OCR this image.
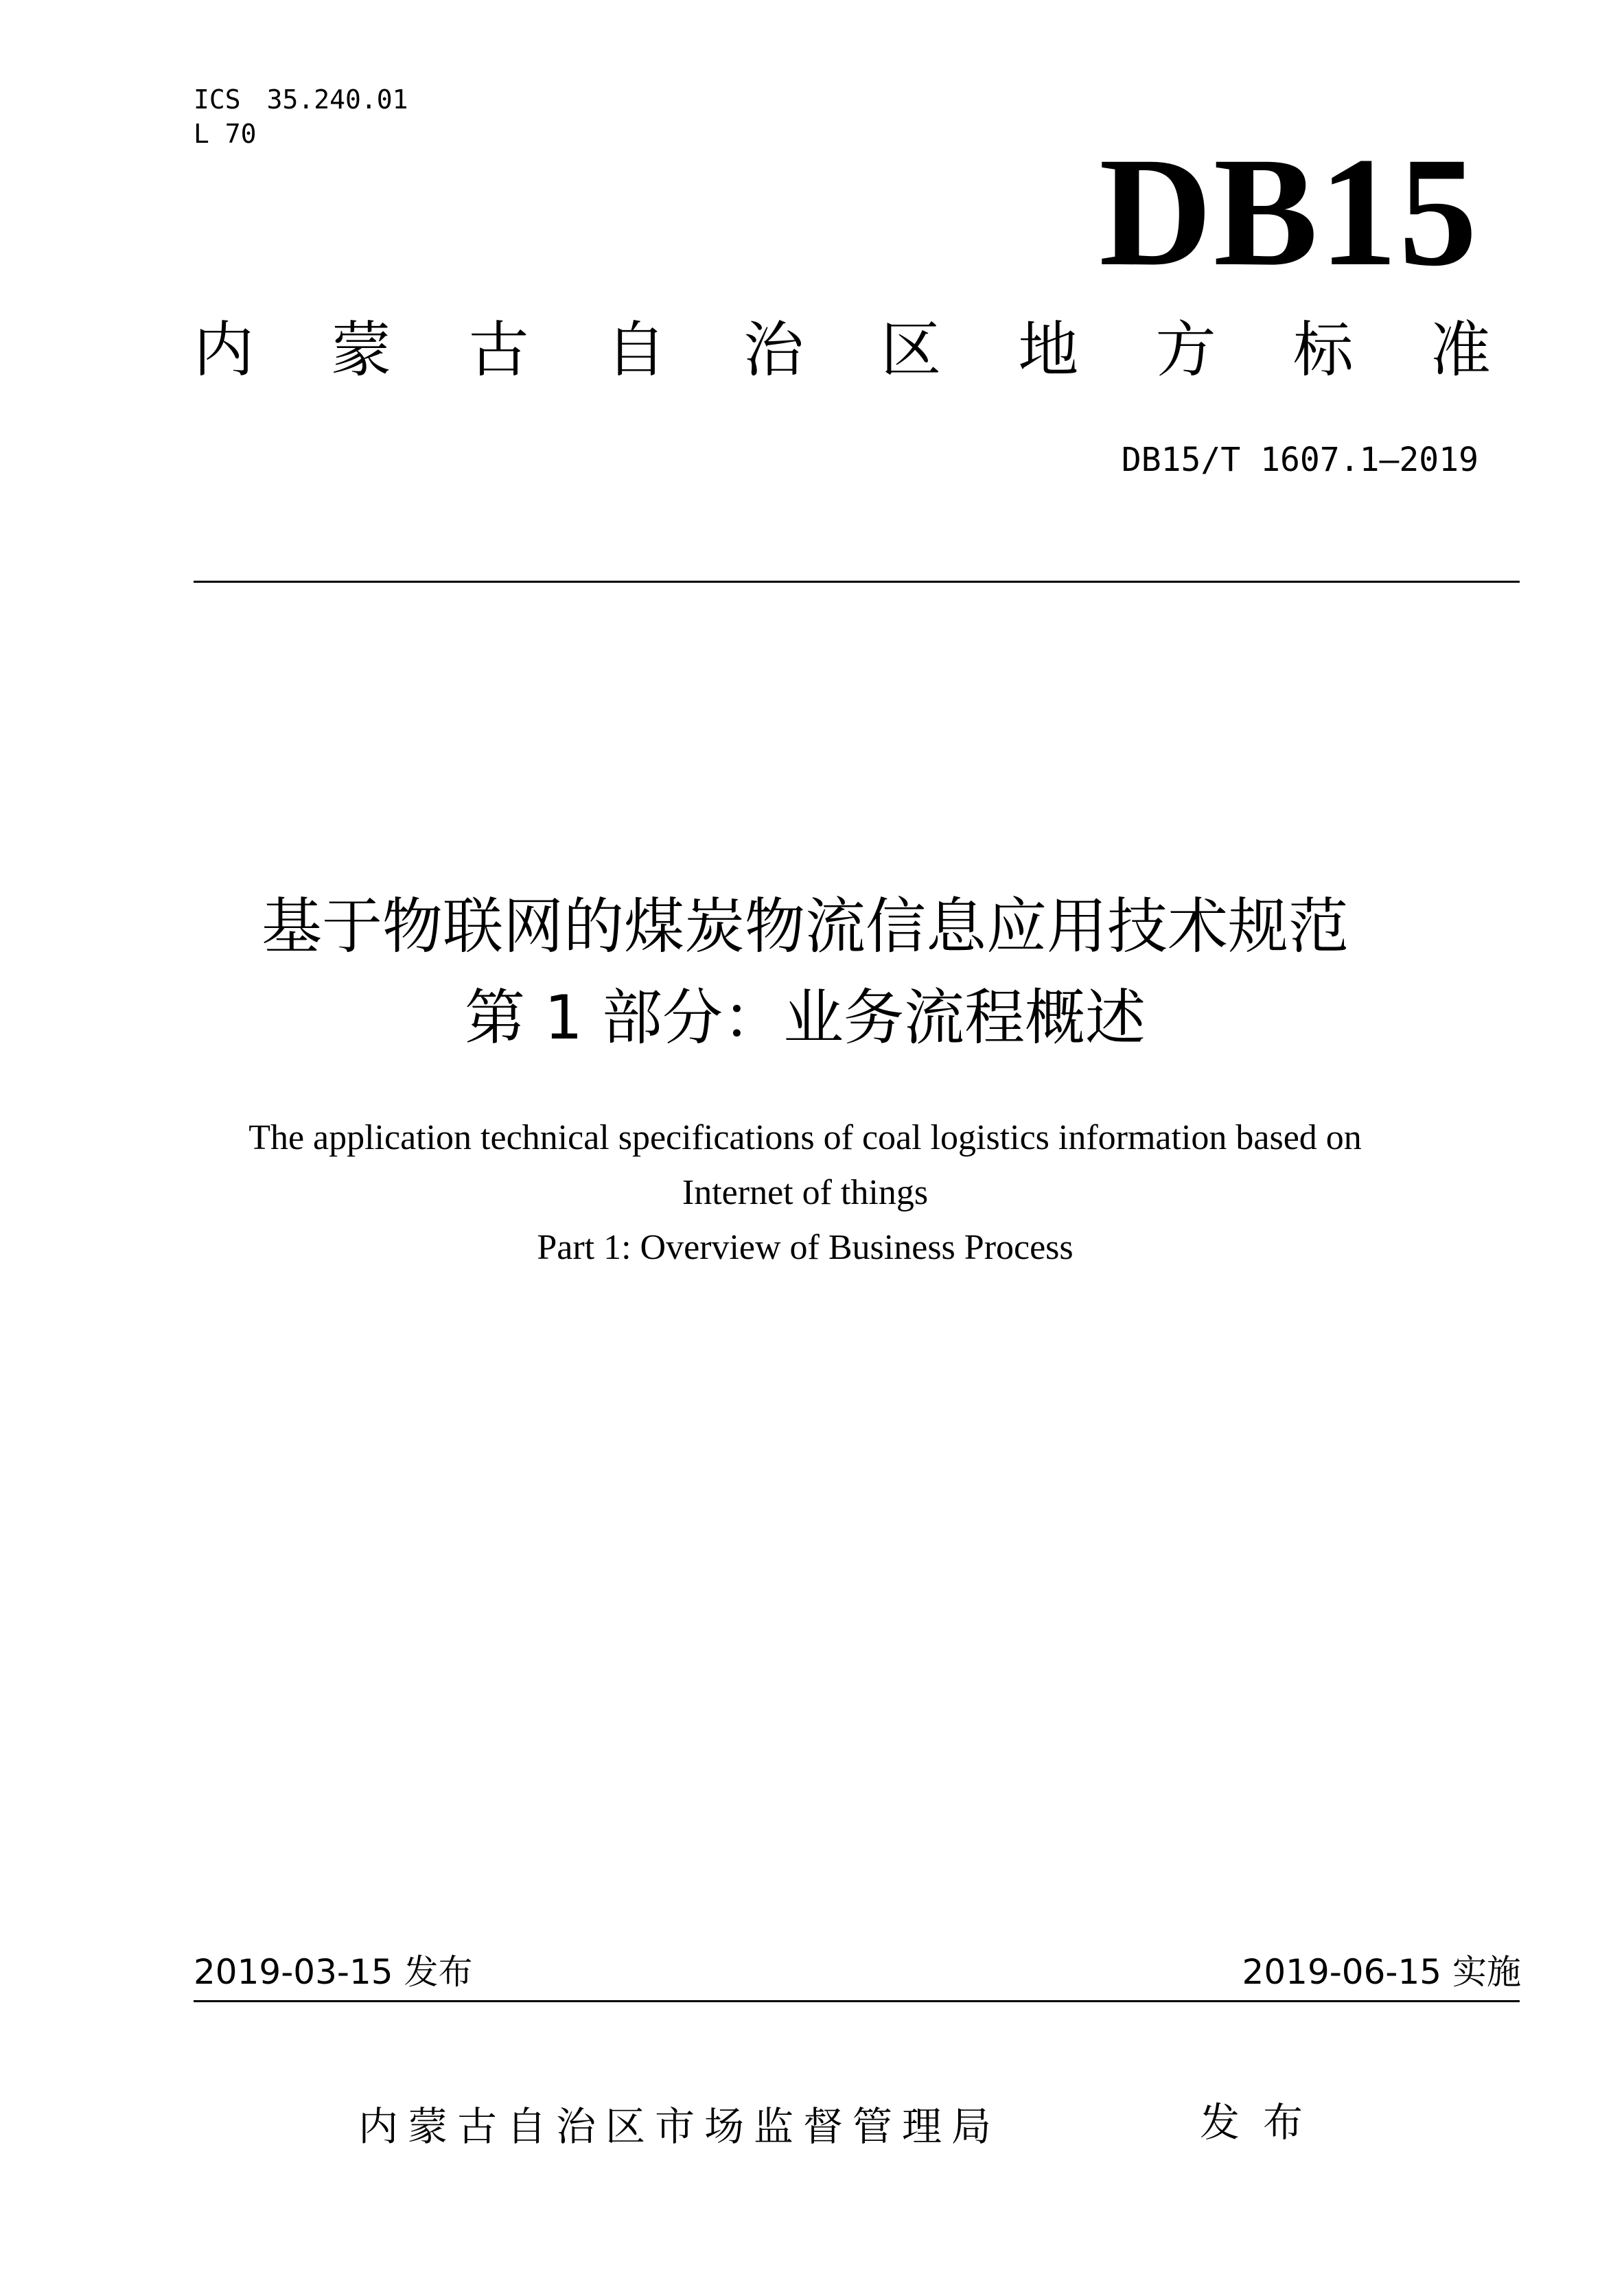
ICS　35.240.01
L 70	DB15
内 蒙 古 自 治 区 地 方 标 准
DB15/T 1607.1—2019
基于物联网的煤炭物流信息应用技术规范
第 1 部分：业务流程概述
The application technical specifications of coal logistics information based on
Internet of things
Part 1: Overview of Business Process
2019-03-15 发布	2019-06-15 实施
内蒙古自治区市场监督管理局	发布
